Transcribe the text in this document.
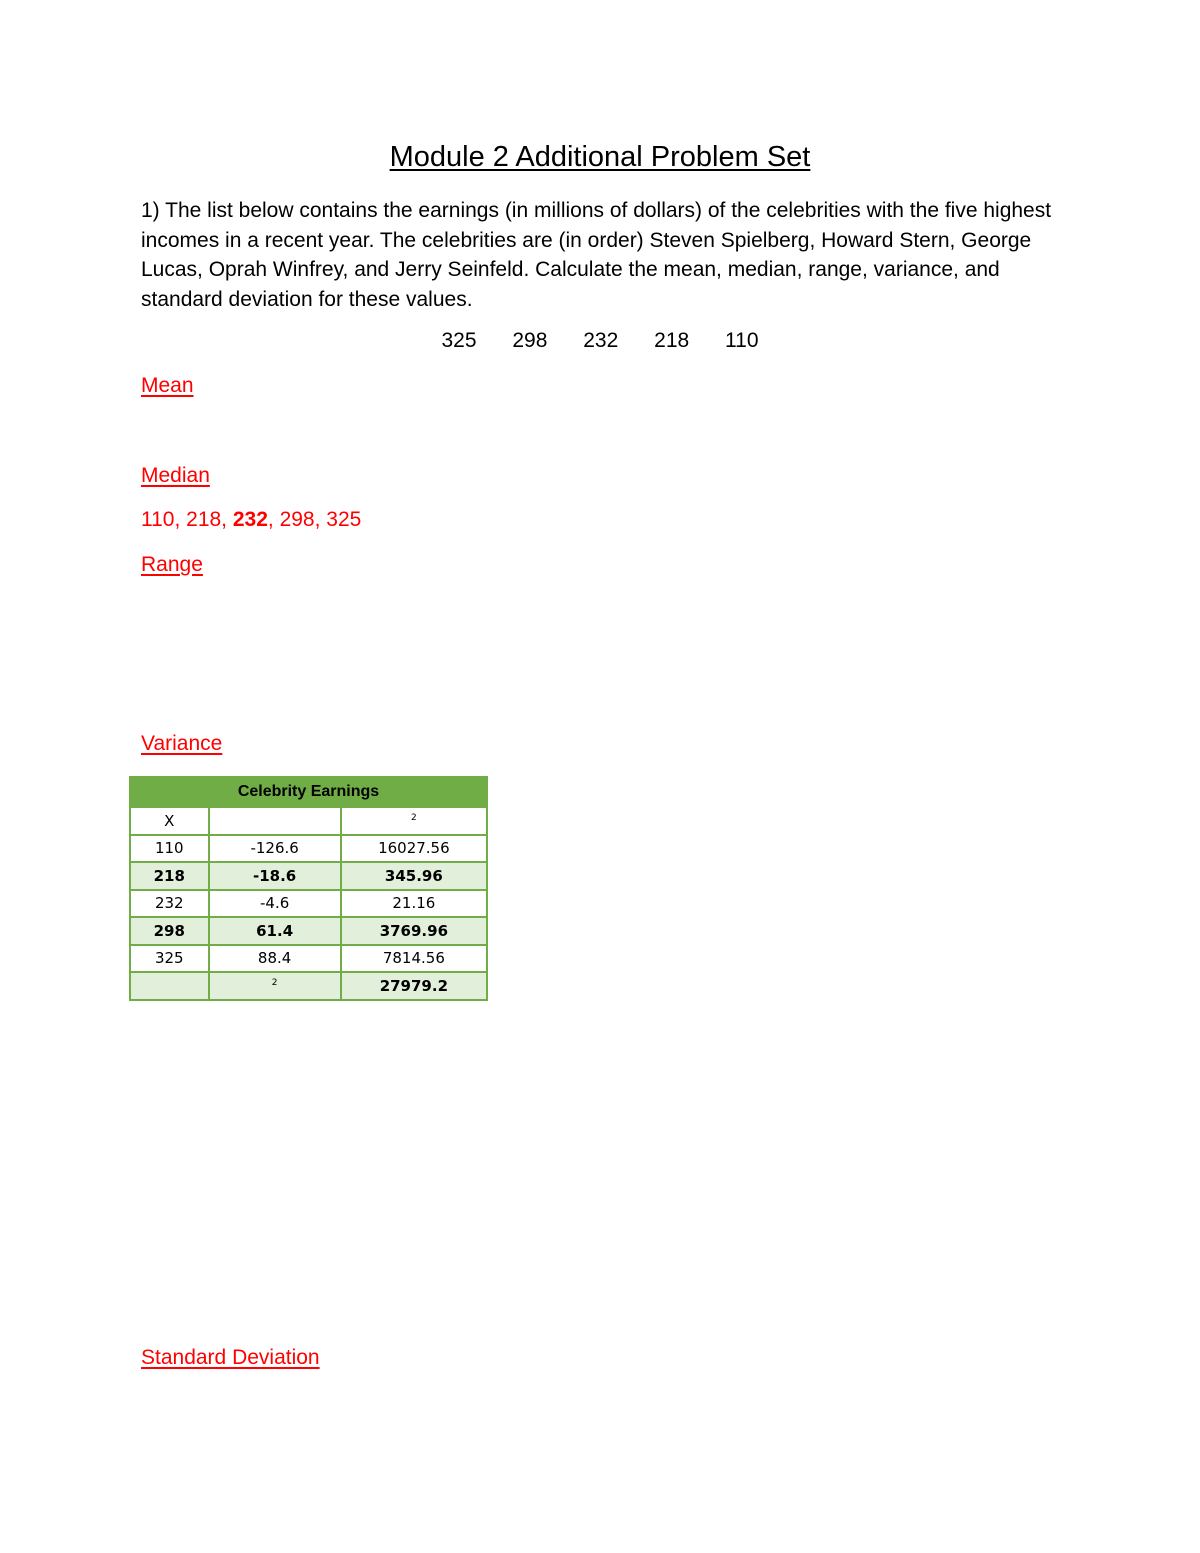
Module 2 Additional Problem Set
1) The list below contains the earnings (in millions of dollars) of the celebrities with the five highest incomes in a recent year. The celebrities are (in order) Steven Spielberg, Howard Stern, George Lucas, Oprah Winfrey, and Jerry Seinfeld. Calculate the mean, median, range, variance, and standard deviation for these values.
325 298 232 218 110
Mean
Median
110, 218, 232, 298, 325
Range
Variance
Celebrity Earnings		
X		$^2$
110	-126.6	16027.56
218	-18.6	345.96
232	-4.6	21.16
298	61.4	3769.96
325	88.4	7814.56
	$^2$	27979.2
Standard Deviation
